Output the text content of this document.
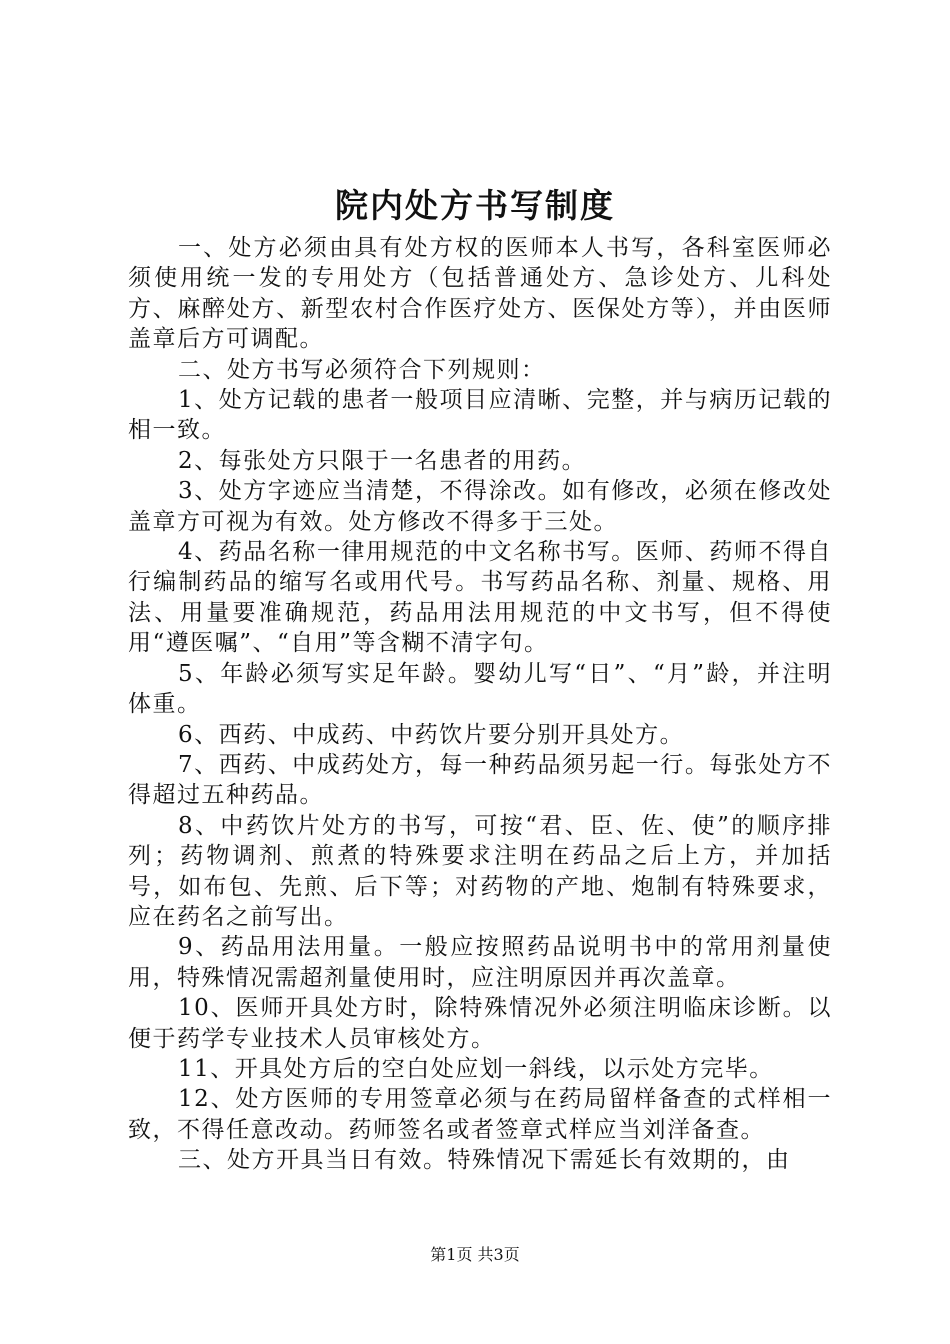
院内处方书写制度

一、处方必须由具有处方权的医师本人书写，各科室医师必须使用统一发的专用处方（包括普通处方、急诊处方、儿科处方、麻醉处方、新型农村合作医疗处方、医保处方等），并由医师盖章后方可调配。

二、处方书写必须符合下列规则：

1、处方记载的患者一般项目应清晰、完整，并与病历记载的相一致。

2、每张处方只限于一名患者的用药。

3、处方字迹应当清楚，不得涂改。如有修改，必须在修改处盖章方可视为有效。处方修改不得多于三处。

4、药品名称一律用规范的中文名称书写。医师、药师不得自行编制药品的缩写名或用代号。书写药品名称、剂量、规格、用法、用量要准确规范，药品用法用规范的中文书写，但不得使用“遵医嘱”、“自用”等含糊不清字句。

5、年龄必须写实足年龄。婴幼儿写“日”、“月”龄，并注明体重。

6、西药、中成药、中药饮片要分别开具处方。

7、西药、中成药处方，每一种药品须另起一行。每张处方不得超过五种药品。

8、中药饮片处方的书写，可按“君、臣、佐、使”的顺序排列；药物调剂、煎煮的特殊要求注明在药品之后上方，并加括号，如布包、先煎、后下等；对药物的产地、炮制有特殊要求，应在药名之前写出。

9、药品用法用量。一般应按照药品说明书中的常用剂量使用，特殊情况需超剂量使用时，应注明原因并再次盖章。

10、医师开具处方时，除特殊情况外必须注明临床诊断。以便于药学专业技术人员审核处方。

11、开具处方后的空白处应划一斜线，以示处方完毕。

12、处方医师的专用签章必须与在药局留样备查的式样相一致，不得任意改动。药师签名或者签章式样应当刘洋备查。

三、处方开具当日有效。特殊情况下需延长有效期的，由

第1页 共3页
